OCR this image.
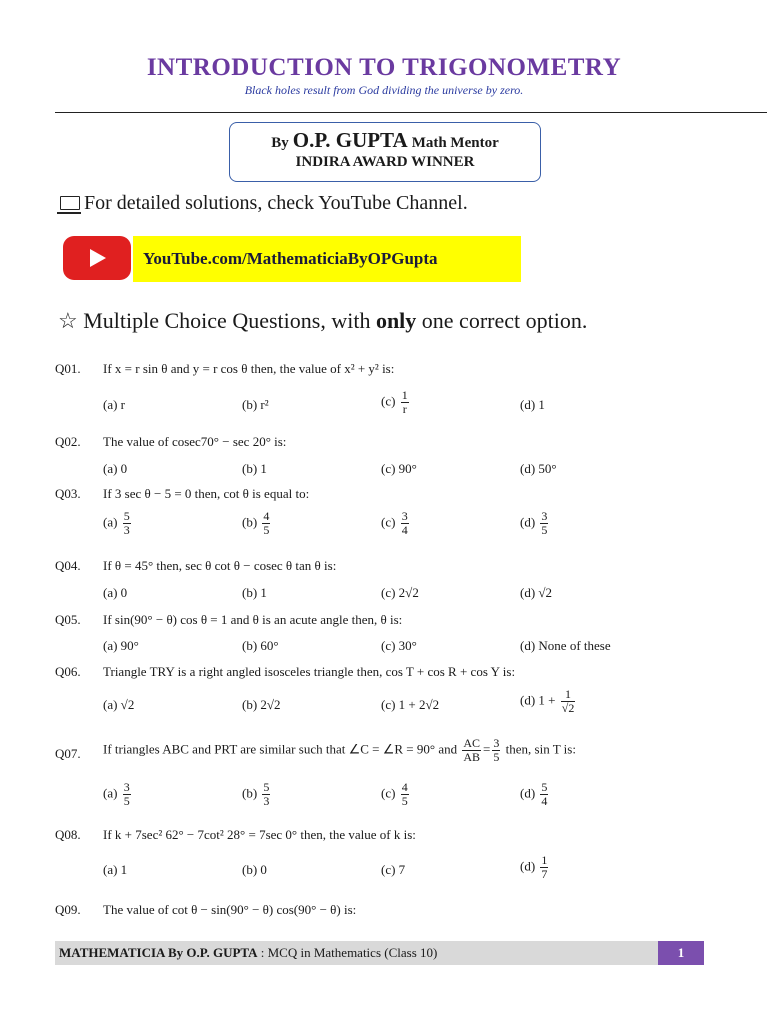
INTRODUCTION TO TRIGONOMETRY
Black holes result from God dividing the universe by zero.
By O.P. GUPTA Math Mentor
INDIRA AWARD WINNER
For detailed solutions, check YouTube Channel.
YouTube.com/MathematiciaByOPGupta
☆ Multiple Choice Questions, with only one correct option.
Q01. If x = r sin θ and y = r cos θ then, the value of x² + y² is:
(a) r	(b) r²	$(c) \frac{1}{r}$	(d) 1
Q02. The value of cosec70° − sec 20° is:
(a) 0	(b) 1	(c) 90°	(d) 50°
Q03. If 3 sec θ − 5 = 0 then, cot θ is equal to:
$(a) \frac{5}{3}$	$(b) \frac{4}{5}$	$(c) \frac{3}{4}$	$(d) \frac{3}{5}$
Q04. If θ = 45° then, sec θ cot θ − cosec θ tan θ is:
(a) 0	(b) 1	(c) 2√2	(d) √2
Q05. If sin(90° − θ) cos θ = 1 and θ is an acute angle then, θ is:
(a) 90°	(b) 60°	(c) 30°	(d) None of these
Q06. Triangle TRY is a right angled isosceles triangle then, cos T + cos R + cos Y is:
(a) √2	(b) 2√2	(c) 1 + 2√2	(d) $1 + \frac{1}{√2}$
Q07. If triangles ABC and PRT are similar such that ∠C = ∠R = 90° and $\frac{AC}{AB} = \frac{3}{5}$ then, sin T is:
$(a) \frac{3}{5}$	$(b) \frac{5}{3}$	$(c) \frac{4}{5}$	$(d) \frac{5}{4}$
Q08. If k + 7sec² 62° − 7cot² 28° = 7sec 0° then, the value of k is:
(a) 1	(b) 0	(c) 7	$(d) \frac{1}{7}$
Q09. The value of cot θ − sin(90° − θ) cos(90° − θ) is:
MATHEMATICIA By O.P. GUPTA : MCQ in Mathematics (Class 10)	1
